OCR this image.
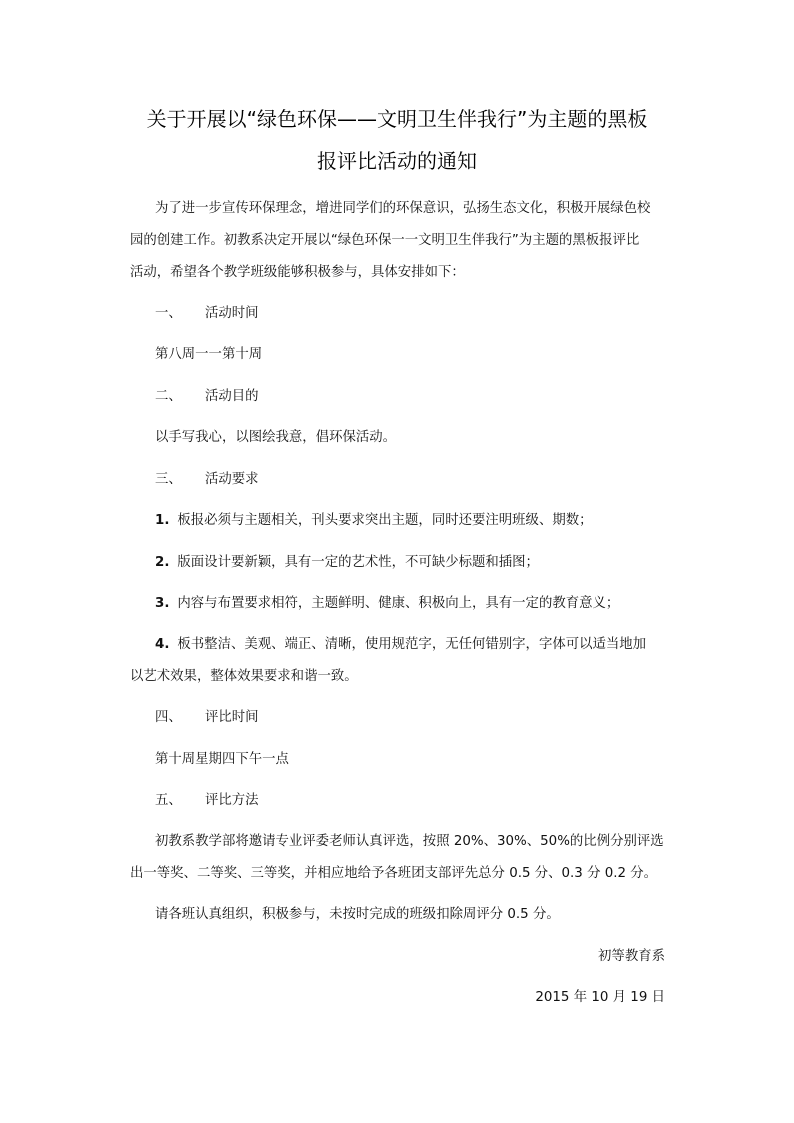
关于开展以“绿色环保——文明卫生伴我行”为主题的黑板
报评比活动的通知
为了进一步宣传环保理念，增进同学们的环保意识，弘扬生态文化，积极开展绿色校
园的创建工作。初教系决定开展以“绿色环保一一文明卫生伴我行”为主题的黑板报评比
活动，希望各个教学班级能够积极参与，具体安排如下：
一、 活动时间
第八周一一第十周
二、 活动目的
以手写我心，以图绘我意，倡环保活动。
三、 活动要求
1. 板报必须与主题相关，刊头要求突出主题，同时还要注明班级、期数；
2. 版面设计要新颖，具有一定的艺术性，不可缺少标题和插图；
3. 内容与布置要求相符，主题鲜明、健康、积极向上，具有一定的教育意义；
4. 板书整洁、美观、端正、清晰，使用规范字，无任何错别字，字体可以适当地加
以艺术效果，整体效果要求和谐一致。
四、 评比时间
第十周星期四下午一点
五、 评比方法
初教系教学部将邀请专业评委老师认真评选，按照 20%、30%、50%的比例分别评选
出一等奖、二等奖、三等奖，并相应地给予各班团支部评先总分 0.5 分、0.3 分 0.2 分。
请各班认真组织，积极参与，未按时完成的班级扣除周评分 0.5 分。
初等教育系
2015 年 10 月 19 日
